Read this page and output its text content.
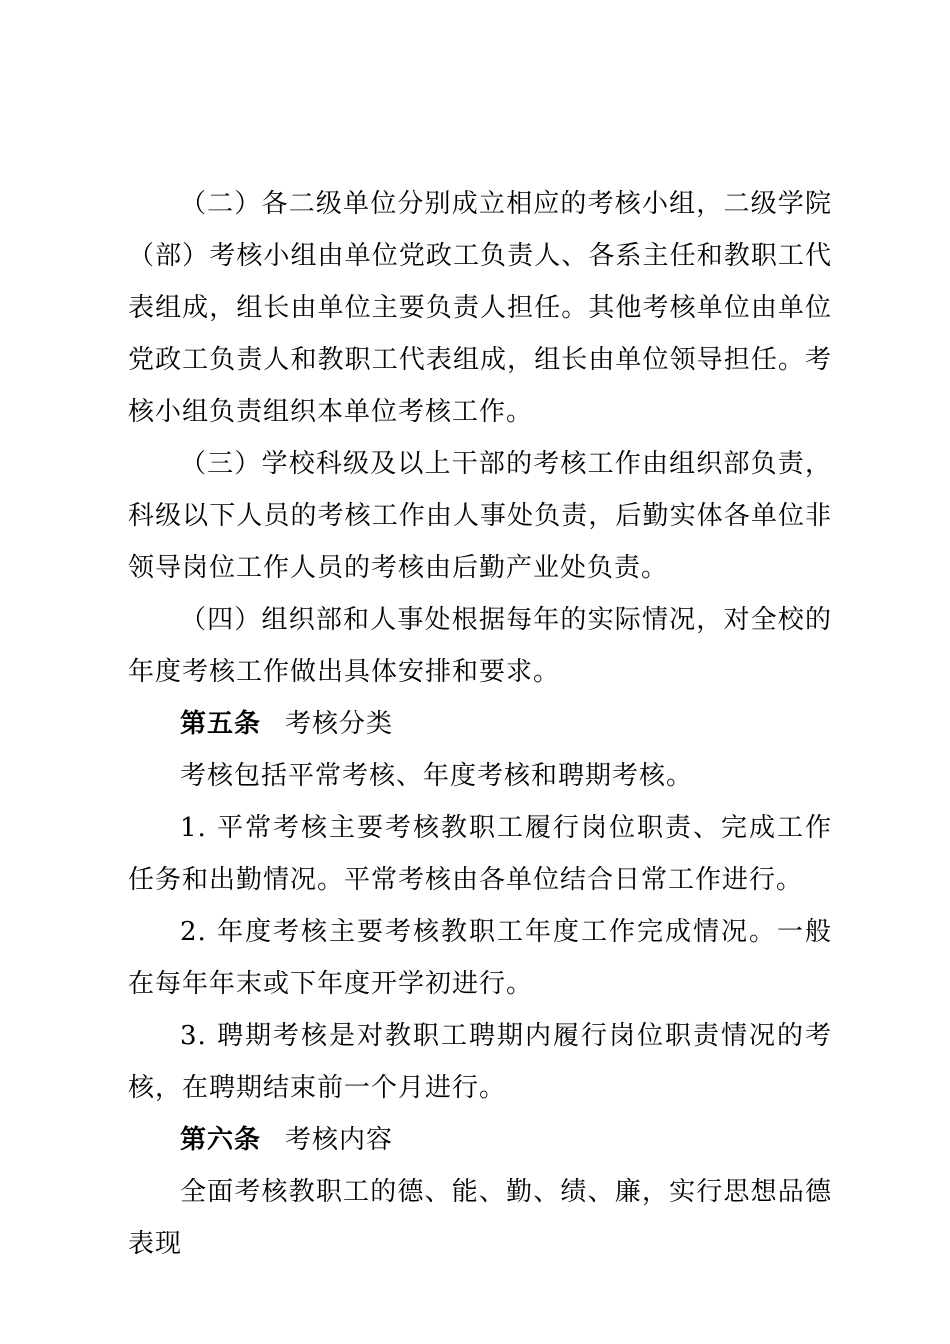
（二）各二级单位分别成立相应的考核小组，二级学院（部）考核小组由单位党政工负责人、各系主任和教职工代表组成，组长由单位主要负责人担任。其他考核单位由单位党政工负责人和教职工代表组成，组长由单位领导担任。考核小组负责组织本单位考核工作。

（三）学校科级及以上干部的考核工作由组织部负责，科级以下人员的考核工作由人事处负责，后勤实体各单位非领导岗位工作人员的考核由后勤产业处负责。

（四）组织部和人事处根据每年的实际情况，对全校的年度考核工作做出具体安排和要求。

第五条 考核分类

考核包括平常考核、年度考核和聘期考核。

1. 平常考核主要考核教职工履行岗位职责、完成工作任务和出勤情况。平常考核由各单位结合日常工作进行。

2. 年度考核主要考核教职工年度工作完成情况。一般在每年年末或下年度开学初进行。

3. 聘期考核是对教职工聘期内履行岗位职责情况的考核，在聘期结束前一个月进行。

第六条 考核内容

全面考核教职工的德、能、勤、绩、廉，实行思想品德表现
